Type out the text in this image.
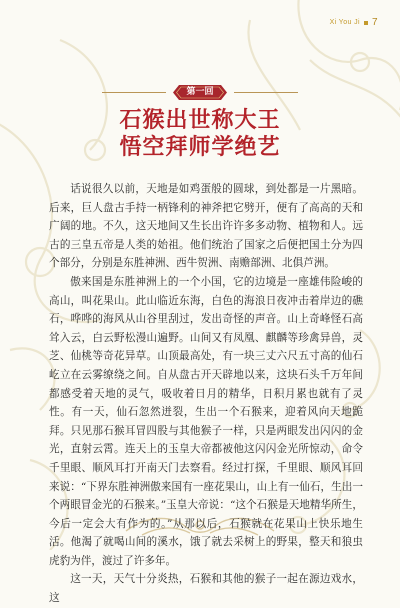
Xi You Ji 7
第一回
石猴出世称大王
悟空拜师学绝艺

话说很久以前，天地是如鸡蛋般的圆球，到处都是一片黑暗。后来，巨人盘古手持一柄锋利的神斧把它劈开，便有了高高的天和广阔的地。不久，这天地间又生长出许许多多动物、植物和人。远古的三皇五帝是人类的始祖。他们统治了国家之后便把国土分为四个部分，分别是东胜神洲、西牛贺洲、南赡部洲、北俱芦洲。

傲来国是东胜神洲上的一个小国，它的边境是一座雄伟险峻的高山，叫花果山。此山临近东海，白色的海浪日夜冲击着岸边的礁石，哗哗的海风从山谷里刮过，发出奇怪的声音。山上奇峰怪石高耸入云，白云野松漫山遍野。山间又有凤凰、麒麟等珍禽异兽，灵芝、仙桃等奇花异草。山顶最高处，有一块三丈六尺五寸高的仙石屹立在云雾缭绕之间。自从盘古开天辟地以来，这块石头千万年间都感受着天地的灵气，吸收着日月的精华，日积月累也就有了灵性。有一天，仙石忽然迸裂，生出一个石猴来，迎着风向天地跪拜。只见那石猴耳冒四股与其他猴子一样，只是两眼发出闪闪的金光，直射云霄。连天上的玉皇大帝都被他这闪闪金光所惊动，命令千里眼、顺风耳打开南天门去察看。经过打探，千里眼、顺风耳回来说：“下界东胜神洲傲来国有一座花果山，山上有一仙石，生出一个两眼冒金光的石猴来。”玉皇大帝说：“这个石猴是天地精华所生，今后一定会大有作为的。”从那以后，石猴就在花果山上快乐地生活。他渴了就喝山间的溪水，饿了就去采树上的野果，整天和狼虫虎豹为伴，渡过了许多年。

这一天，天气十分炎热，石猴和其他的猴子一起在源边戏水，这
